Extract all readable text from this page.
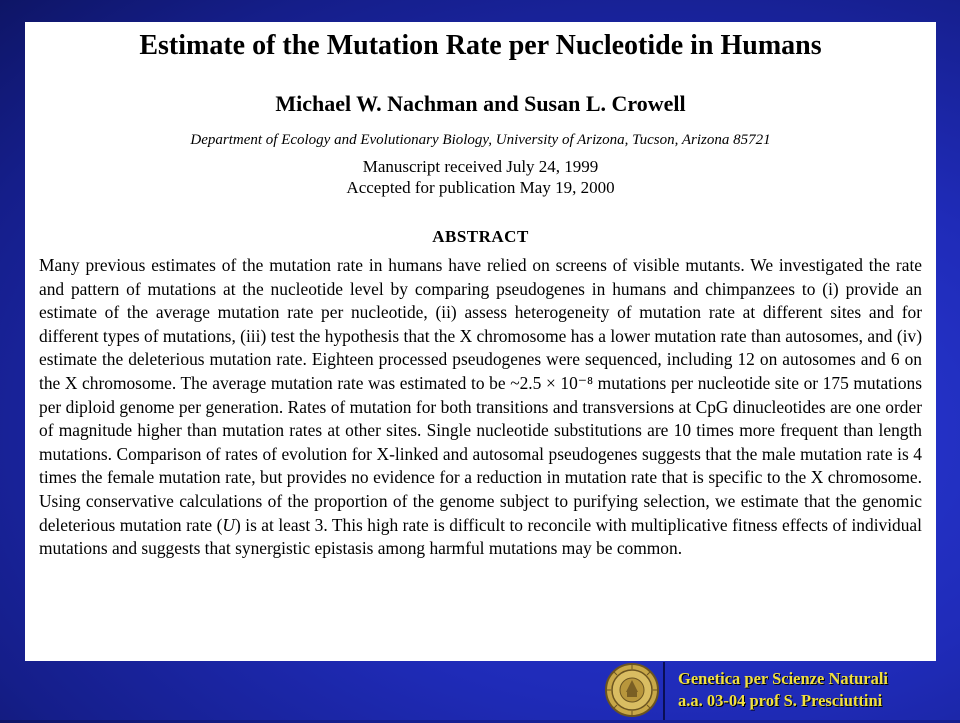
Estimate of the Mutation Rate per Nucleotide in Humans
Michael W. Nachman and Susan L. Crowell
Department of Ecology and Evolutionary Biology, University of Arizona, Tucson, Arizona 85721
Manuscript received July 24, 1999
Accepted for publication May 19, 2000
ABSTRACT
Many previous estimates of the mutation rate in humans have relied on screens of visible mutants. We investigated the rate and pattern of mutations at the nucleotide level by comparing pseudogenes in humans and chimpanzees to (i) provide an estimate of the average mutation rate per nucleotide, (ii) assess heterogeneity of mutation rate at different sites and for different types of mutations, (iii) test the hypothesis that the X chromosome has a lower mutation rate than autosomes, and (iv) estimate the deleterious mutation rate. Eighteen processed pseudogenes were sequenced, including 12 on autosomes and 6 on the X chromosome. The average mutation rate was estimated to be ~2.5 × 10⁻⁸ mutations per nucleotide site or 175 mutations per diploid genome per generation. Rates of mutation for both transitions and transversions at CpG dinucleotides are one order of magnitude higher than mutation rates at other sites. Single nucleotide substitutions are 10 times more frequent than length mutations. Comparison of rates of evolution for X-linked and autosomal pseudogenes suggests that the male mutation rate is 4 times the female mutation rate, but provides no evidence for a reduction in mutation rate that is specific to the X chromosome. Using conservative calculations of the proportion of the genome subject to purifying selection, we estimate that the genomic deleterious mutation rate (U) is at least 3. This high rate is difficult to reconcile with multiplicative fitness effects of individual mutations and suggests that synergistic epistasis among harmful mutations may be common.
Genetica per Scienze Naturali
a.a. 03-04 prof S. Presciuttini
